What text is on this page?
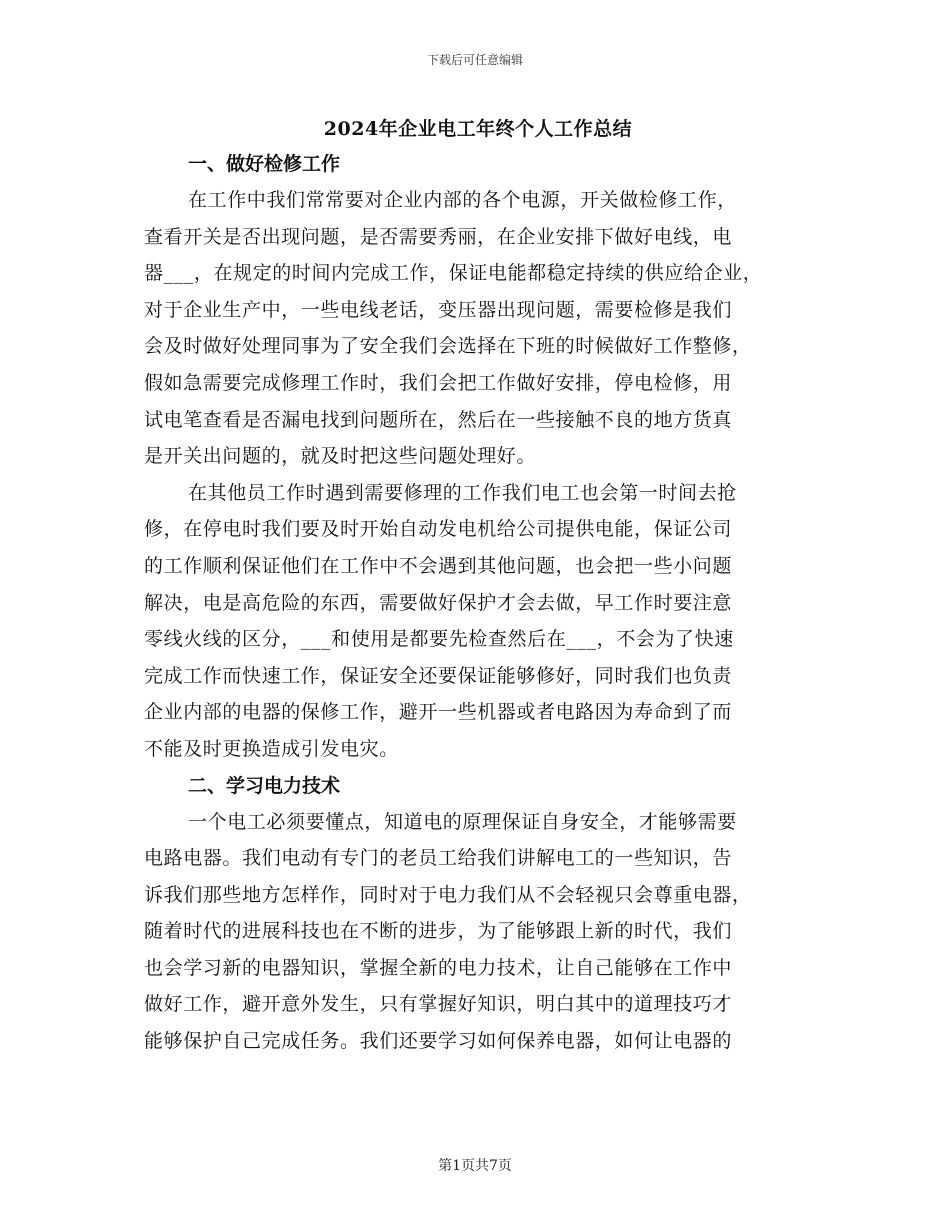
下载后可任意编辑
2024年企业电工年终个人工作总结
一、做好检修工作
在工作中我们常常要对企业内部的各个电源，开关做检修工作，
查看开关是否出现问题，是否需要秀丽，在企业安排下做好电线，电
器___，在规定的时间内完成工作，保证电能都稳定持续的供应给企业，
对于企业生产中，一些电线老话，变压器出现问题，需要检修是我们
会及时做好处理同事为了安全我们会选择在下班的时候做好工作整修，
假如急需要完成修理工作时，我们会把工作做好安排，停电检修，用
试电笔查看是否漏电找到问题所在，然后在一些接触不良的地方货真
是开关出问题的，就及时把这些问题处理好。
在其他员工作时遇到需要修理的工作我们电工也会第一时间去抢
修，在停电时我们要及时开始自动发电机给公司提供电能，保证公司
的工作顺利保证他们在工作中不会遇到其他问题，也会把一些小问题
解决，电是高危险的东西，需要做好保护才会去做，早工作时要注意
零线火线的区分，___和使用是都要先检查然后在___，不会为了快速
完成工作而快速工作，保证安全还要保证能够修好，同时我们也负责
企业内部的电器的保修工作，避开一些机器或者电路因为寿命到了而
不能及时更换造成引发电灾。
二、学习电力技术
一个电工必须要懂点，知道电的原理保证自身安全，才能够需要
电路电器。我们电动有专门的老员工给我们讲解电工的一些知识，告
诉我们那些地方怎样作，同时对于电力我们从不会轻视只会尊重电器，
随着时代的进展科技也在不断的进步，为了能够跟上新的时代，我们
也会学习新的电器知识，掌握全新的电力技术，让自己能够在工作中
做好工作，避开意外发生，只有掌握好知识，明白其中的道理技巧才
能够保护自己完成任务。我们还要学习如何保养电器，如何让电器的
第1页共7页
